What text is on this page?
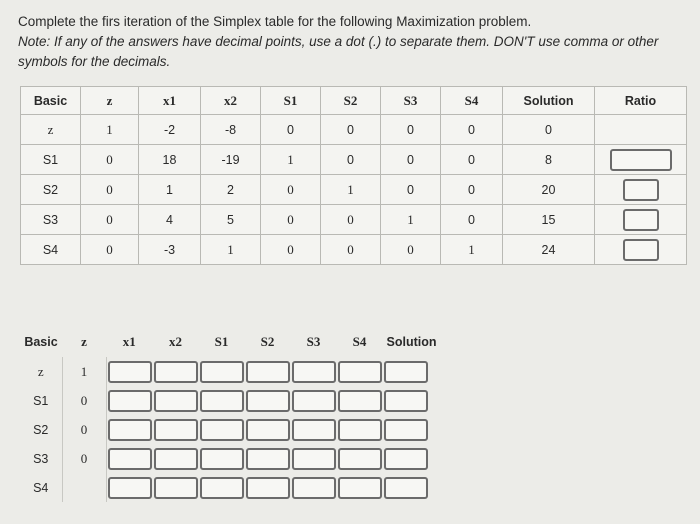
Complete the firs iteration of the Simplex table for the following Maximization problem.
Note: If any of the answers have decimal points, use a dot (.) to separate them. DON'T use comma or other symbols for the decimals.
Basic	z	x1	x2	S1	S2	S3	S4	Solution	Ratio
z	1	-2	-8	0	0	0	0	0	
S1	0	18	-19	1	0	0	0	8	

S2	0	1	2	0	1	0	0	20	

S3	0	4	5	0	0	1	0	15	

S4	0	-3	1	0	0	0	1	24	
Basic	z	x1	x2	S1	S2	S3	S4	Solution
z	1	

S1	0	

S2	0	

S3	0	

S4		
